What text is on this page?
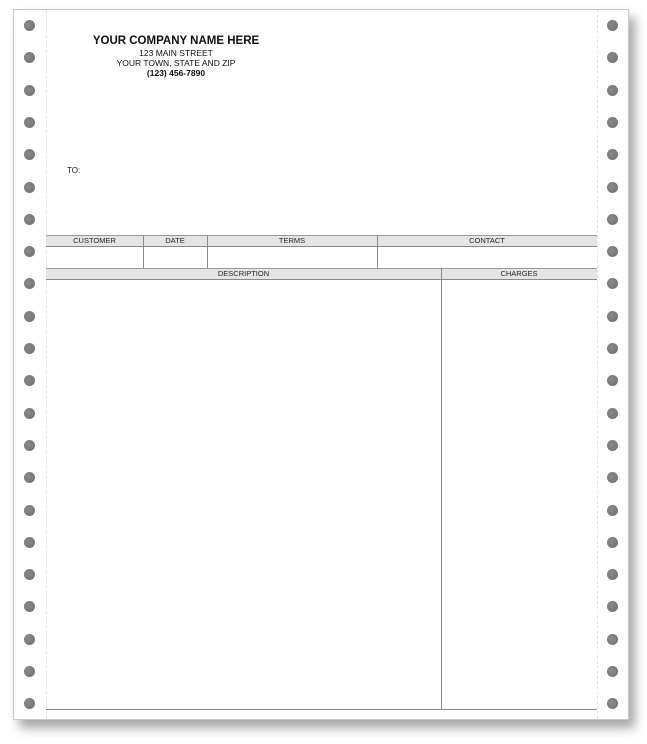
YOUR COMPANY NAME HERE
123 MAIN STREET
YOUR TOWN, STATE AND ZIP
(123) 456-7890
TO:
CUSTOMER	DATE	TERMS	CONTACT
DESCRIPTION	CHARGES
